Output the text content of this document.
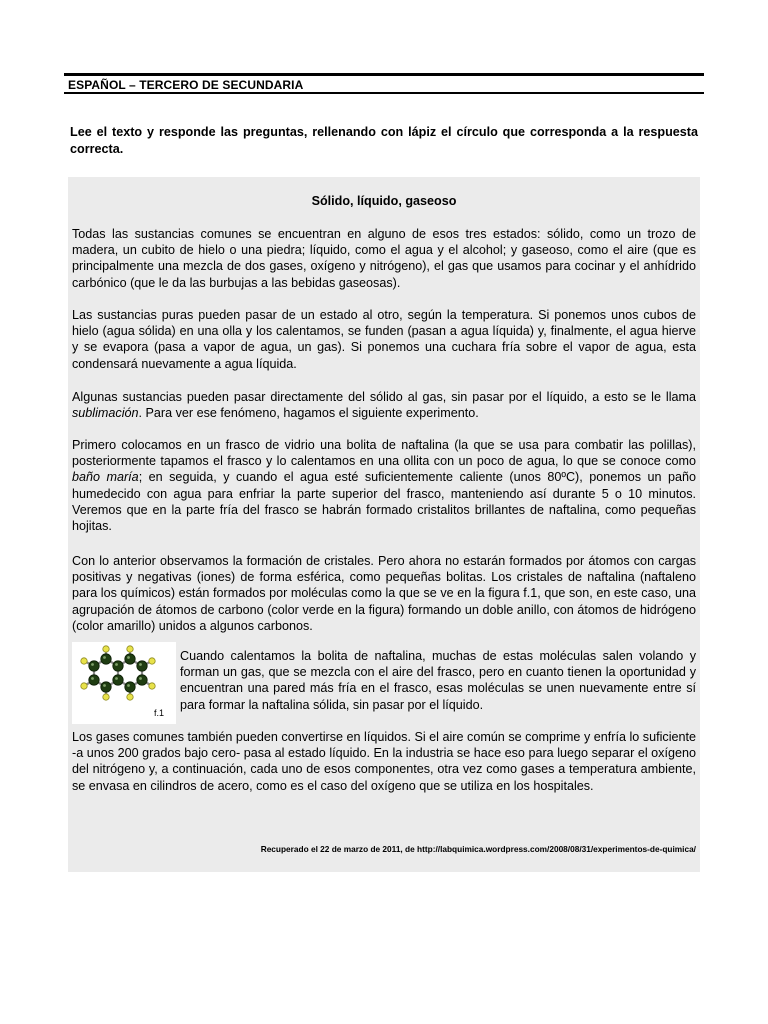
ESPAÑOL – TERCERO DE SECUNDARIA
Lee el texto y responde las preguntas, rellenando con lápiz el círculo que corresponda a la respuesta correcta.
Sólido, líquido, gaseoso

Todas las sustancias comunes se encuentran en alguno de esos tres estados: sólido, como un trozo de madera, un cubito de hielo o una piedra; líquido, como el agua y el alcohol; y gaseoso, como el aire (que es principalmente una mezcla de dos gases, oxígeno y nitrógeno), el gas que usamos para cocinar y el anhídrido carbónico (que le da las burbujas a las bebidas gaseosas).

Las sustancias puras pueden pasar de un estado al otro, según la temperatura. Si ponemos unos cubos de hielo (agua sólida) en una olla y los calentamos, se funden (pasan a agua líquida) y, finalmente, el agua hierve y se evapora (pasa a vapor de agua, un gas). Si ponemos una cuchara fría sobre el vapor de agua, esta condensará nuevamente a agua líquida.

Algunas sustancias pueden pasar directamente del sólido al gas, sin pasar por el líquido, a esto se le llama sublimación. Para ver ese fenómeno, hagamos el siguiente experimento.

Primero colocamos en un frasco de vidrio una bolita de naftalina (la que se usa para combatir las polillas), posteriormente tapamos el frasco y lo calentamos en una ollita con un poco de agua, lo que se conoce como baño maría; en seguida, y cuando el agua esté suficientemente caliente (unos 80ºC), ponemos un paño humedecido con agua para enfriar la parte superior del frasco, manteniendo así durante 5 o 10 minutos. Veremos que en la parte fría del frasco se habrán formado cristalitos brillantes de naftalina, como pequeñas hojitas.

Con lo anterior observamos la formación de cristales. Pero ahora no estarán formados por átomos con cargas positivas y negativas (iones) de forma esférica, como pequeñas bolitas. Los cristales de naftalina (naftaleno para los químicos) están formados por moléculas como la que se ve en la figura f.1, que son, en este caso, una agrupación de átomos de carbono (color verde en la figura) formando un doble anillo, con átomos de hidrógeno (color amarillo) unidos a algunos carbonos.

f.1

Cuando calentamos la bolita de naftalina, muchas de estas moléculas salen volando y forman un gas, que se mezcla con el aire del frasco, pero en cuanto tienen la oportunidad y encuentran una pared más fría en el frasco, esas moléculas se unen nuevamente entre sí para formar la naftalina sólida, sin pasar por el líquido.

Los gases comunes también pueden convertirse en líquidos. Si el aire común se comprime y enfría lo suficiente -a unos 200 grados bajo cero- pasa al estado líquido. En la industria se hace eso para luego separar el oxígeno del nitrógeno y, a continuación, cada uno de esos componentes, otra vez como gases a temperatura ambiente, se envasa en cilindros de acero, como es el caso del oxígeno que se utiliza en los hospitales.

Recuperado el 22 de marzo de 2011, de http://labquimica.wordpress.com/2008/08/31/experimentos-de-quimica/
